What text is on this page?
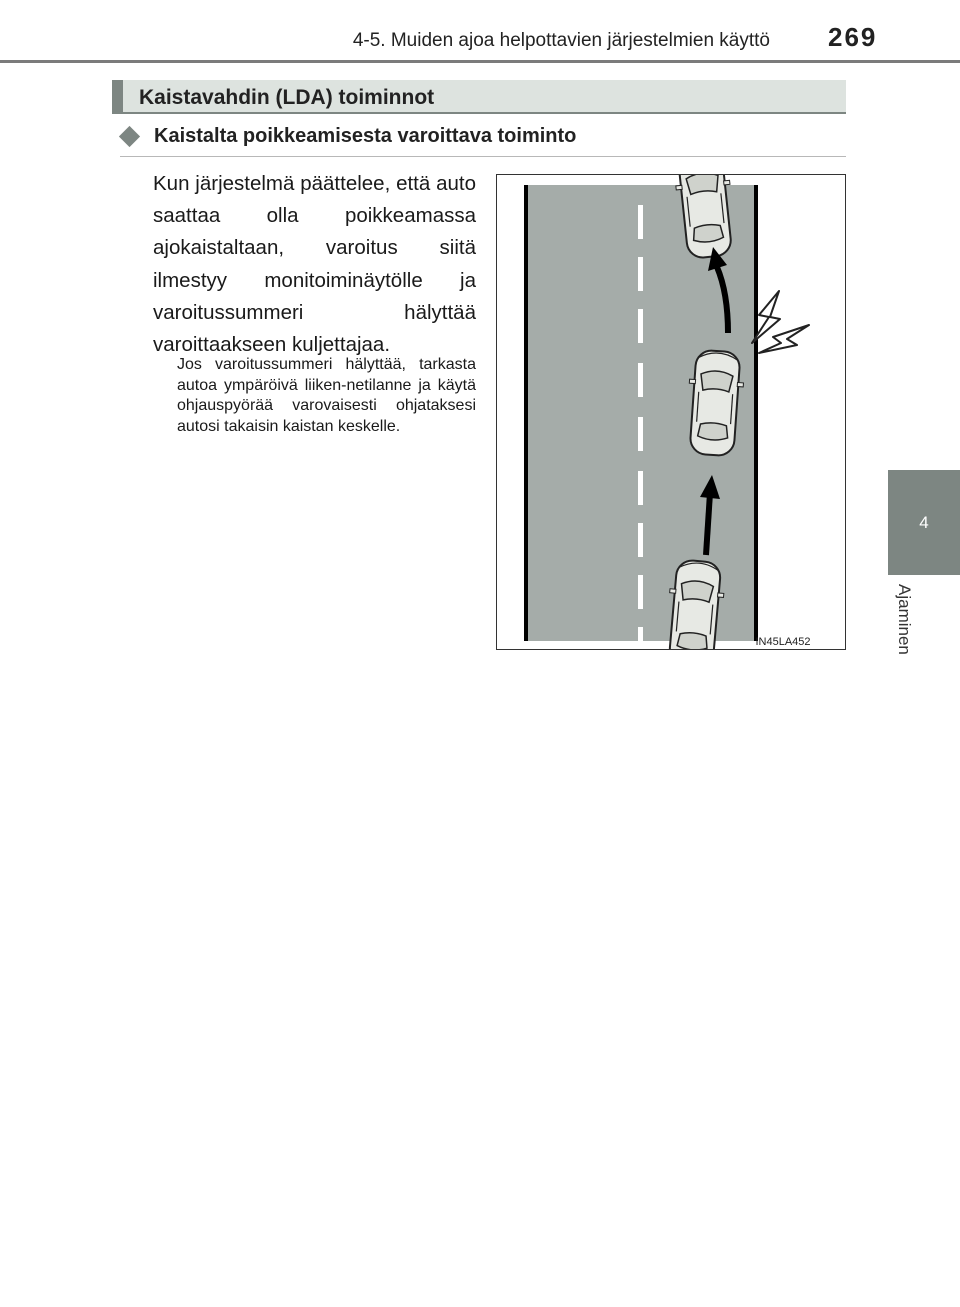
4-5. Muiden ajoa helpottavien järjestelmien käyttö 269
4
Ajaminen
Kaistavahdin (LDA) toiminnot
Kaistalta poikkeamisesta varoittava toiminto

Kun järjestelmä päättelee, että auto saattaa olla poikkeamassa ajokaistaltaan, varoitus siitä ilmestyy monitoiminäytölle ja varoitussummeri hälyttää varoittaakseen kuljettajaa.

Jos varoitussummeri hälyttää, tarkasta autoa ympäröivä liiken-netilanne ja käytä ohjauspyörää varovaisesti ohjataksesi autosi takaisin kaistan keskelle.

IN45LA452
